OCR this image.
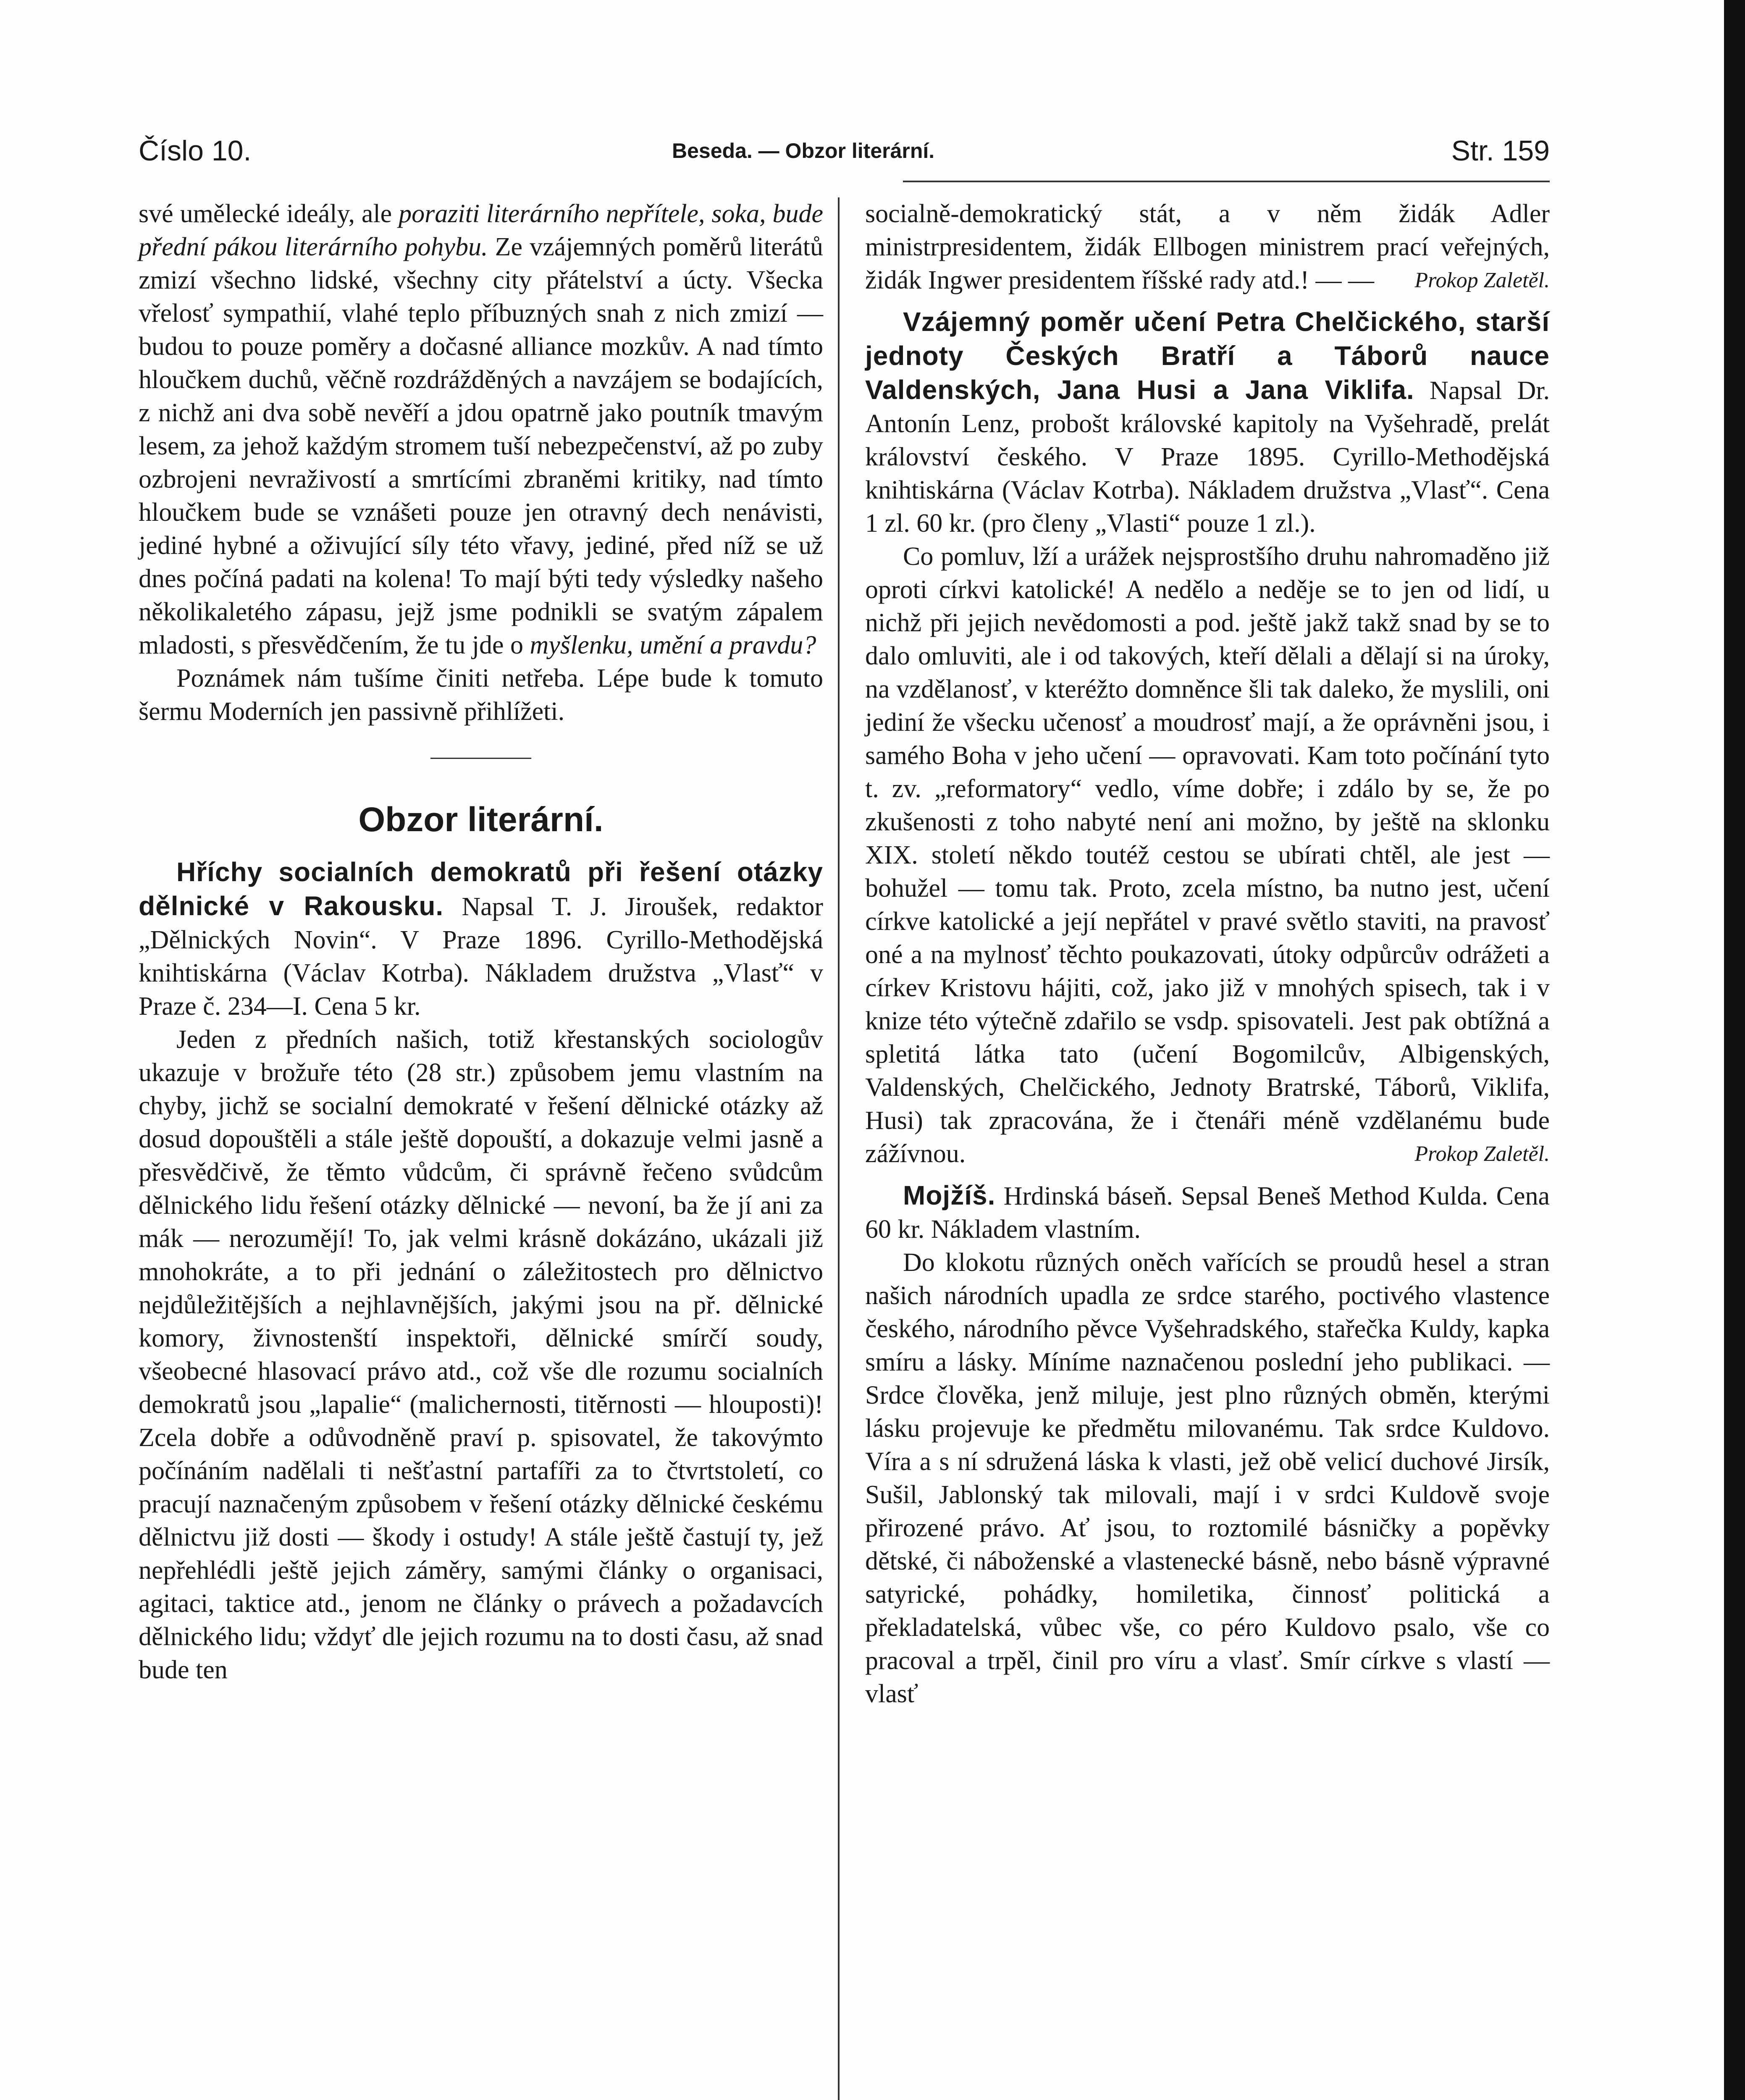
Číslo 10.	Beseda. — Obzor literární.	Str. 159

své umělecké ideály, ale poraziti literárního nepřítele, soka, bude přední pákou literárního pohybu. Ze vzájemných poměrů literátů zmizí všechno lidské, všechny city přátelství a úcty. Všecka vřelosť sympathií, vlahé teplo příbuzných snah z nich zmizí — budou to pouze poměry a dočasné alliance mozkův. A nad tímto hloučkem duchů, věčně rozdrážděných a navzájem se bodajících, z nichž ani dva sobě nevěří a jdou opatrně jako poutník tmavým lesem, za jehož každým stromem tuší nebezpečenství, až po zuby ozbrojeni nevraživostí a smrtícími zbraněmi kritiky, nad tímto hloučkem bude se vznášeti pouze jen otravný dech nenávisti, jediné hybné a oživující síly této vřavy, jediné, před níž se už dnes počíná padati na kolena! To mají býti tedy výsledky našeho několikaletého zápasu, jejž jsme podnikli se svatým zápalem mladosti, s přesvědčením, že tu jde o myšlenku, umění a pravdu?

Poznámek nám tušíme činiti netřeba. Lépe bude k tomuto šermu Moderních jen passivně přihlížeti.

Obzor literární.

Hříchy socialních demokratů při řešení otázky dělnické v Rakousku. Napsal T. J. Jiroušek, redaktor „Dělnických Novin“. V Praze 1896. Cyrillo-Methodějská knihtiskárna (Václav Kotrba). Nákladem družstva „Vlasť“ v Praze č. 234—I. Cena 5 kr.

Jeden z předních našich, totiž křestanských sociologův ukazuje v brožuře této (28 str.) způsobem jemu vlastním na chyby, jichž se socialní demokraté v řešení dělnické otázky až dosud dopouštěli a stále ještě dopouští, a dokazuje velmi jasně a přesvědčivě, že těmto vůdcům, či správně řečeno svůdcům dělnického lidu řešení otázky dělnické — nevoní, ba že jí ani za mák — nerozumějí! To, jak velmi krásně dokázáno, ukázali již mnohokráte, a to při jednání o záležitostech pro dělnictvo nejdůležitějších a nejhlavnějších, jakými jsou na př. dělnické komory, živnostenští inspektoři, dělnické smírčí soudy, všeobecné hlasovací právo atd., což vše dle rozumu socialních demokratů jsou „lapalie“ (malichernosti, titěrnosti — hlouposti)! Zcela dobře a odůvodněně praví p. spisovatel, že takovýmto počínáním nadělali ti nešťastní partafíři za to čtvrtstoletí, co pracují naznačeným způsobem v řešení otázky dělnické českému dělnictvu již dosti — škody i ostudy! A stále ještě častují ty, jež nepřehlédli ještě jejich záměry, samými články o organisaci, agitaci, taktice atd., jenom ne články o právech a požadavcích dělnického lidu; vždyť dle jejich rozumu na to dosti času, až snad bude ten

socialně-demokratický stát, a v něm židák Adler ministrpresidentem, židák Ellbogen ministrem prací veřejných, židák Ingwer presidentem říšské rady atd.! — — Prokop Zaletěl.

Vzájemný poměr učení Petra Chelčického, starší jednoty Českých Bratří a Táborů nauce Valdenských, Jana Husi a Jana Viklifa. Napsal Dr. Antonín Lenz, probošt královské kapitoly na Vyšehradě, prelát království českého. V Praze 1895. Cyrillo-Methodějská knihtiskárna (Václav Kotrba). Nákladem družstva „Vlasť“. Cena 1 zl. 60 kr. (pro členy „Vlasti“ pouze 1 zl.).

Co pomluv, lží a urážek nejsprostšího druhu nahromaděno již oproti církvi katolické! A nedělo a neděje se to jen od lidí, u nichž při jejich nevědomosti a pod. ještě jakž takž snad by se to dalo omluviti, ale i od takových, kteří dělali a dělají si na úroky, na vzdělanosť, v kteréžto domněnce šli tak daleko, že myslili, oni jediní že všecku učenosť a moudrosť mají, a že oprávněni jsou, i samého Boha v jeho učení — opravovati. Kam toto počínání tyto t. zv. „reformatory“ vedlo, víme dobře; i zdálo by se, že po zkušenosti z toho nabyté není ani možno, by ještě na sklonku XIX. století někdo toutéž cestou se ubírati chtěl, ale jest — bohužel — tomu tak. Proto, zcela místno, ba nutno jest, učení církve katolické a její nepřátel v pravé světlo staviti, na pravosť oné a na mylnosť těchto poukazovati, útoky odpůrcův odrážeti a církev Kristovu hájiti, což, jako již v mnohých spisech, tak i v knize této výtečně zdařilo se vsdp. spisovateli. Jest pak obtížná a spletitá látka tato (učení Bogomilcův, Albigenských, Valdenských, Chelčického, Jednoty Bratrské, Táborů, Viklifa, Husi) tak zpracována, že i čtenáři méně vzdělanému bude zážívnou.	Prokop Zaletěl.

Mojžíš. Hrdinská báseň. Sepsal Beneš Method Kulda. Cena 60 kr. Nákladem vlastním.

Do klokotu různých oněch vařících se proudů hesel a stran našich národních upadla ze srdce starého, poctivého vlastence českého, národního pěvce Vyšehradského, stařečka Kuldy, kapka smíru a lásky. Míníme naznačenou poslední jeho publikaci. — Srdce člověka, jenž miluje, jest plno různých obměn, kterými lásku projevuje ke předmětu milovanému. Tak srdce Kuldovo. Víra a s ní sdružená láska k vlasti, jež obě velicí duchové Jirsík, Sušil, Jablonský tak milovali, mají i v srdci Kuldově svoje přirozené právo. Ať jsou, to roztomilé básničky a popěvky dětské, či náboženské a vlastenecké básně, nebo básně výpravné satyrické, pohádky, homiletika, činnosť politická a překladatelská, vůbec vše, co péro Kuldovo psalo, vše co pracoval a trpěl, činil pro víru a vlasť. Smír církve s vlastí — vlasť
